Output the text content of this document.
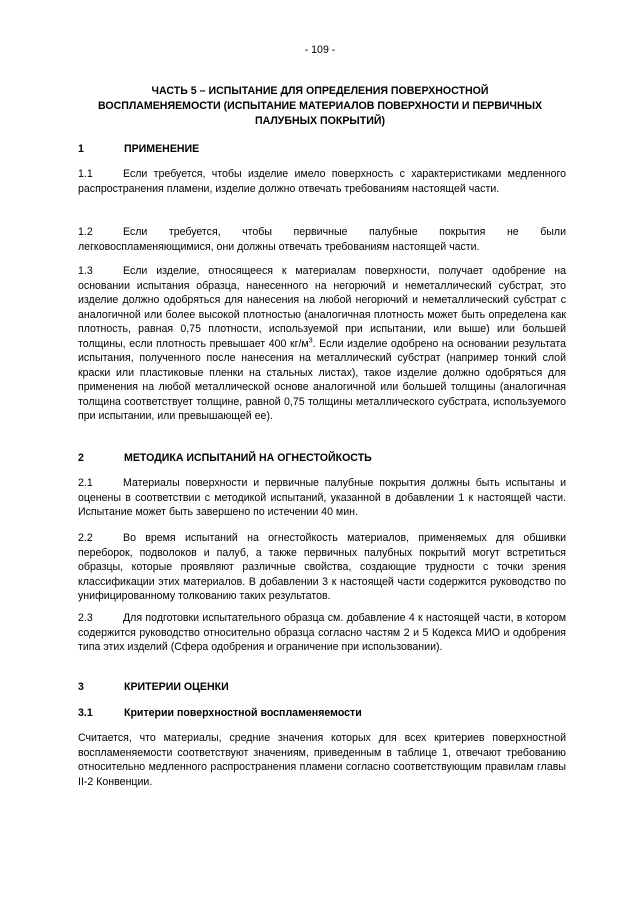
- 109 -
ЧАСТЬ 5 – ИСПЫТАНИЕ ДЛЯ ОПРЕДЕЛЕНИЯ ПОВЕРХНОСТНОЙ ВОСПЛАМЕНЯЕМОСТИ (ИСПЫТАНИЕ МАТЕРИАЛОВ ПОВЕРХНОСТИ И ПЕРВИЧНЫХ ПАЛУБНЫХ ПОКРЫТИЙ)
1	ПРИМЕНЕНИЕ
1.1	Если требуется, чтобы изделие имело поверхность с характеристиками медленного распространения пламени, изделие должно отвечать требованиям настоящей части.
1.2	Если требуется, чтобы первичные палубные покрытия не были легковоспламеняющимися, они должны отвечать требованиям настоящей части.
1.3	Если изделие, относящееся к материалам поверхности, получает одобрение на основании испытания образца, нанесенного на негорючий и неметаллический субстрат, это изделие должно одобряться для нанесения на любой негорючий и неметаллический субстрат с аналогичной или более высокой плотностью (аналогичная плотность может быть определена как плотность, равная 0,75 плотности, используемой при испытании, или выше) или большей толщины, если плотность превышает 400 $кг/м^3$. Если изделие одобрено на основании результата испытания, полученного после нанесения на металлический субстрат (например тонкий слой краски или пластиковые пленки на стальных листах), такое изделие должно одобряться для применения на любой металлической основе аналогичной или большей толщины (аналогичная толщина соответствует толщине, равной 0,75 толщины металлического субстрата, используемого при испытании, или превышающей ее).
2	МЕТОДИКА ИСПЫТАНИЙ НА ОГНЕСТОЙКОСТЬ
2.1	Материалы поверхности и первичные палубные покрытия должны быть испытаны и оценены в соответствии с методикой испытаний, указанной в добавлении 1 к настоящей части. Испытание может быть завершено по истечении 40 мин.
2.2	Во время испытаний на огнестойкость материалов, применяемых для обшивки переборок, подволоков и палуб, а также первичных палубных покрытий могут встретиться образцы, которые проявляют различные свойства, создающие трудности с точки зрения классификации этих материалов. В добавлении 3 к настоящей части содержится руководство по унифицированному толкованию таких результатов.
2.3	Для подготовки испытательного образца см. добавление 4 к настоящей части, в котором содержится руководство относительно образца согласно частям 2 и 5 Кодекса МИО и одобрения типа этих изделий (Сфера одобрения и ограничение при использовании).
3	КРИТЕРИИ ОЦЕНКИ
3.1	Критерии поверхностной воспламеняемости
Считается, что материалы, средние значения которых для всех критериев поверхностной воспламеняемости соответствуют значениям, приведенным в таблице 1, отвечают требованию относительно медленного распространения пламени согласно соответствующим правилам главы II-2 Конвенции.
